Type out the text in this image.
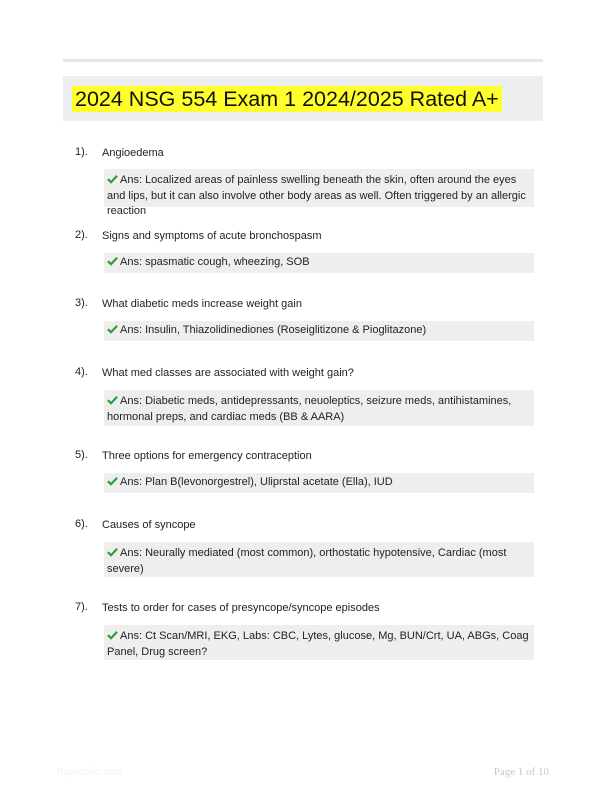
2024 NSG 554 Exam 1 2024/2025 Rated A+
1). Angioedema
Ans: Localized areas of painless swelling beneath the skin, often around the eyes and lips, but it can also involve other body areas as well. Often triggered by an allergic reaction
2). Signs and symptoms of acute bronchospasm
Ans: spasmatic cough, wheezing, SOB
3). What diabetic meds increase weight gain
Ans: Insulin, Thiazolidinediones (Roseiglitizone & Pioglitazone)
4). What med classes are associated with weight gain?
Ans: Diabetic meds, antidepressants, neuoleptics, seizure meds, antihistamines, hormonal preps, and cardiac meds (BB & AARA)
5). Three options for emergency contraception
Ans: Plan B(levonorgestrel), Uliprstal acetate (Ella), IUD
6). Causes of syncope
Ans: Neurally mediated (most common), orthostatic hypotensive, Cardiac (most severe)
7). Tests to order for cases of presyncope/syncope episodes
Ans: Ct Scan/MRI, EKG, Labs: CBC, Lytes, glucose, Mg, BUN/Crt, UA, ABGs, Coag Panel, Drug screen?
Paperbliic.com	Page 1 of 10
